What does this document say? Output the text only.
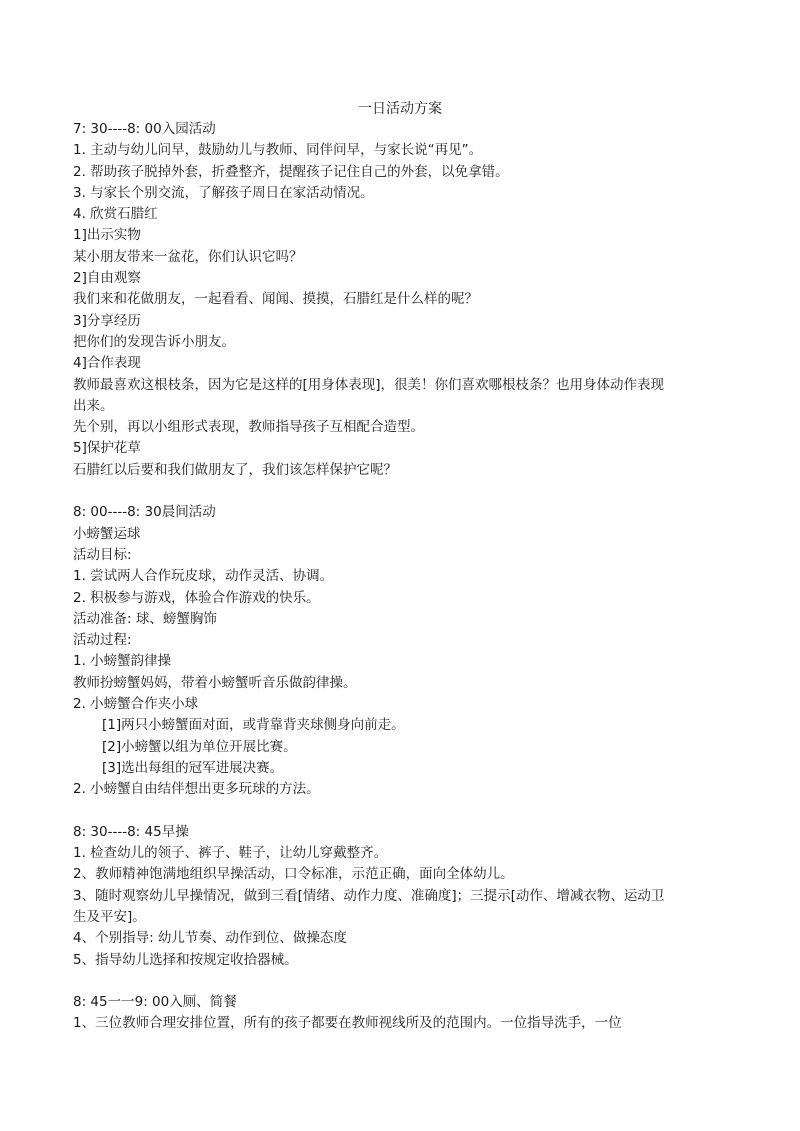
一日活动方案
7: 30----8: 00入园活动
1. 主动与幼儿问早，鼓励幼儿与教师、同伴问早，与家长说“再见”。
2. 帮助孩子脱掉外套，折叠整齐，提醒孩子记住自己的外套，以免拿错。
3. 与家长个别交流，了解孩子周日在家活动情况。
4. 欣赏石腊红
1]出示实物
某小朋友带来一盆花，你们认识它吗？
2]自由观察
我们来和花做朋友，一起看看、闻闻、摸摸，石腊红是什么样的呢？
3]分享经历
把你们的发现告诉小朋友。
4]合作表现
教师最喜欢这根枝条，因为它是这样的[用身体表现]，很美！你们喜欢哪根枝条？也用身体动作表现出来。
先个别，再以小组形式表现，教师指导孩子互相配合造型。
5]保护花草
石腊红以后要和我们做朋友了，我们该怎样保护它呢？
8: 00----8: 30晨间活动
小螃蟹运球
活动目标:
1. 尝试两人合作玩皮球，动作灵活、协调。
2. 积极参与游戏，体验合作游戏的快乐。
活动准备: 球、螃蟹胸饰
活动过程:
1. 小螃蟹韵律操
教师扮螃蟹妈妈，带着小螃蟹听音乐做韵律操。
2. 小螃蟹合作夹小球
[1]两只小螃蟹面对面，或背靠背夹球侧身向前走。
[2]小螃蟹以组为单位开展比赛。
[3]选出每组的冠军进展决赛。
2. 小螃蟹自由结伴想出更多玩球的方法。
8: 30----8: 45早操
1. 检查幼儿的领子、裤子、鞋子，让幼儿穿戴整齐。
2、教师精神饱满地组织早操活动，口令标准，示范正确，面向全体幼儿。
3、随时观察幼儿早操情况，做到三看[情绪、动作力度、准确度]；三提示[动作、增减衣物、运动卫生及平安]。
4、个别指导: 幼儿节奏、动作到位、做操态度
5、指导幼儿选择和按规定收拾器械。
8: 45一一9: 00入厕、简餐
1、三位教师合理安排位置，所有的孩子都要在教师视线所及的范围内。一位指导洗手，一位
